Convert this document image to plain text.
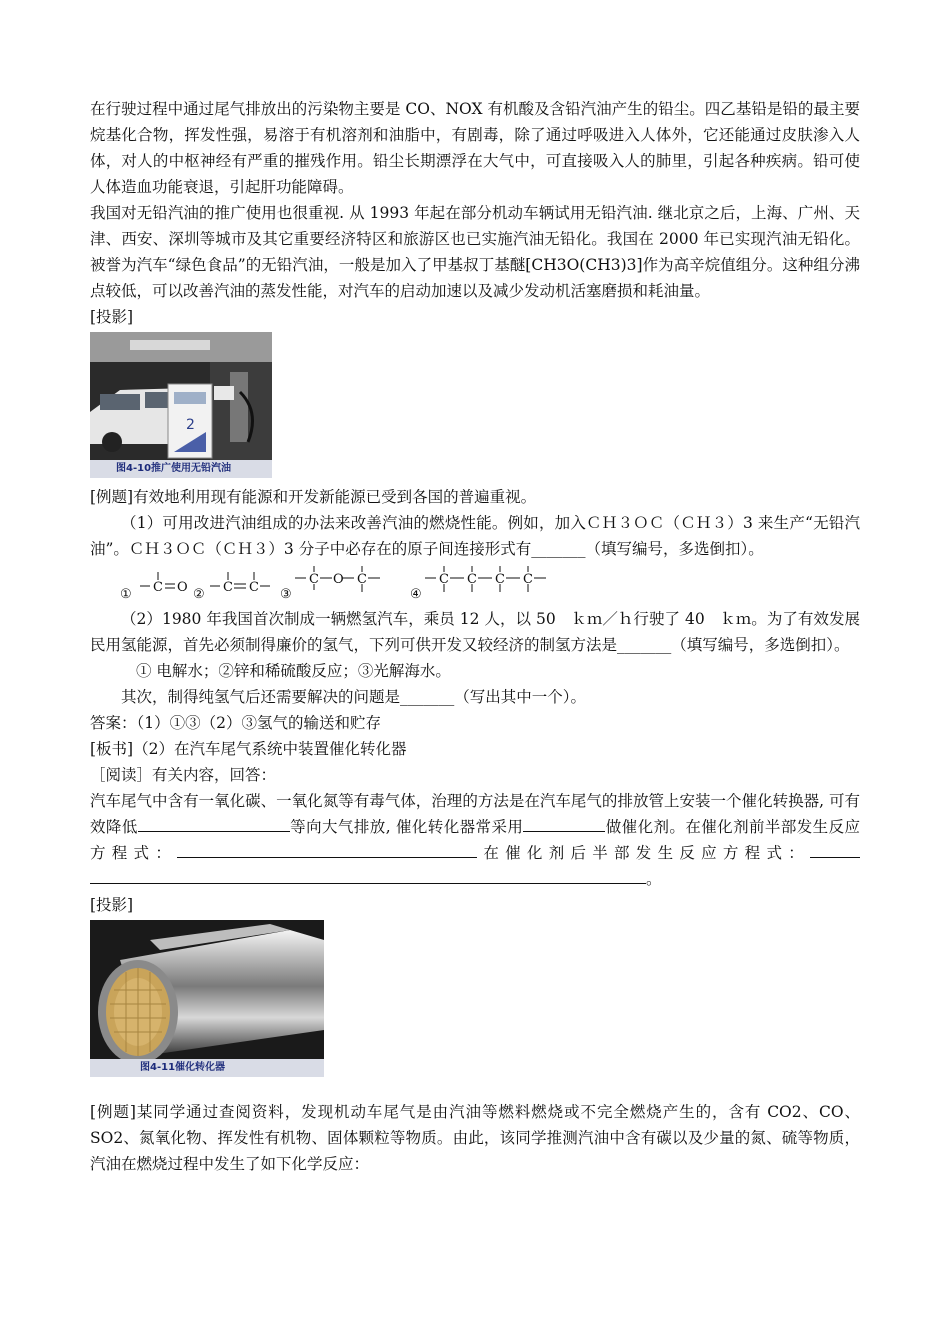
在行驶过程中通过尾气排放出的污染物主要是 CO、NOX 有机酸及含铅汽油产生的铅尘。四乙基铅是铅的最主要烷基化合物，挥发性强，易溶于有机溶剂和油脂中，有剧毒，除了通过呼吸进入人体外，它还能通过皮肤渗入人体，对人的中枢神经有严重的摧残作用。铅尘长期漂浮在大气中，可直接吸入人的肺里，引起各种疾病。铅可使人体造血功能衰退，引起肝功能障碍。

我国对无铅汽油的推广使用也很重视. 从 1993 年起在部分机动车辆试用无铅汽油. 继北京之后，上海、广州、天津、西安、深圳等城市及其它重要经济特区和旅游区也已实施汽油无铅化。我国在 2000 年已实现汽油无铅化。被誉为汽车“绿色食品”的无铅汽油，一般是加入了甲基叔丁基醚[CH3O(CH3)3]作为高辛烷值组分。这种组分沸点较低，可以改善汽油的蒸发性能，对汽车的启动加速以及减少发动机活塞磨损和耗油量。

[投影]

2
图4-10推广使用无铅汽油

[例题]有效地利用现有能源和开发新能源已受到各国的普遍重视。

（1）可用改进汽油组成的办法来改善汽油的燃烧性能。例如，加入ＣＨ３ＯＣ（ＣＨ３）3 来生产“无铅汽油”。ＣＨ３ＯＣ（ＣＨ３）3 分子中必存在的原子间连接形式有_______（填写编号，多选倒扣）。

①	②	③	④
C O	C C
C O C	C C C C

（2）1980 年我国首次制成一辆燃氢汽车，乘员 12 人，以 50　ｋｍ／ｈ行驶了 40　ｋｍ。为了有效发展民用氢能源，首先必须制得廉价的氢气，下列可供开发又较经济的制氢方法是_______（填写编号，多选倒扣）。

① 电解水；②锌和稀硫酸反应；③光解海水。

其次，制得纯氢气后还需要解决的问题是_______（写出其中一个）。

答案：（1）①③（2）③氢气的输送和贮存

[板书]（2）在汽车尾气系统中装置催化转化器

［阅读］有关内容，回答：

汽车尾气中含有一氧化碳、一氧化氮等有毒气体，治理的方法是在汽车尾气的排放管上安装一个催化转换器, 可有效降低	等向大气排放, 催化转化器常采用	做催化剂。在催化剂前半部发生反应方程式：	在催化剂后半部发生反应方程式：。

[投影]

图4-11催化转化器

[例题]某同学通过查阅资料，发现机动车尾气是由汽油等燃料燃烧或不完全燃烧产生的，含有 CO2、CO、SO2、氮氧化物、挥发性有机物、固体颗粒等物质。由此，该同学推测汽油中含有碳以及少量的氮、硫等物质，汽油在燃烧过程中发生了如下化学反应：
